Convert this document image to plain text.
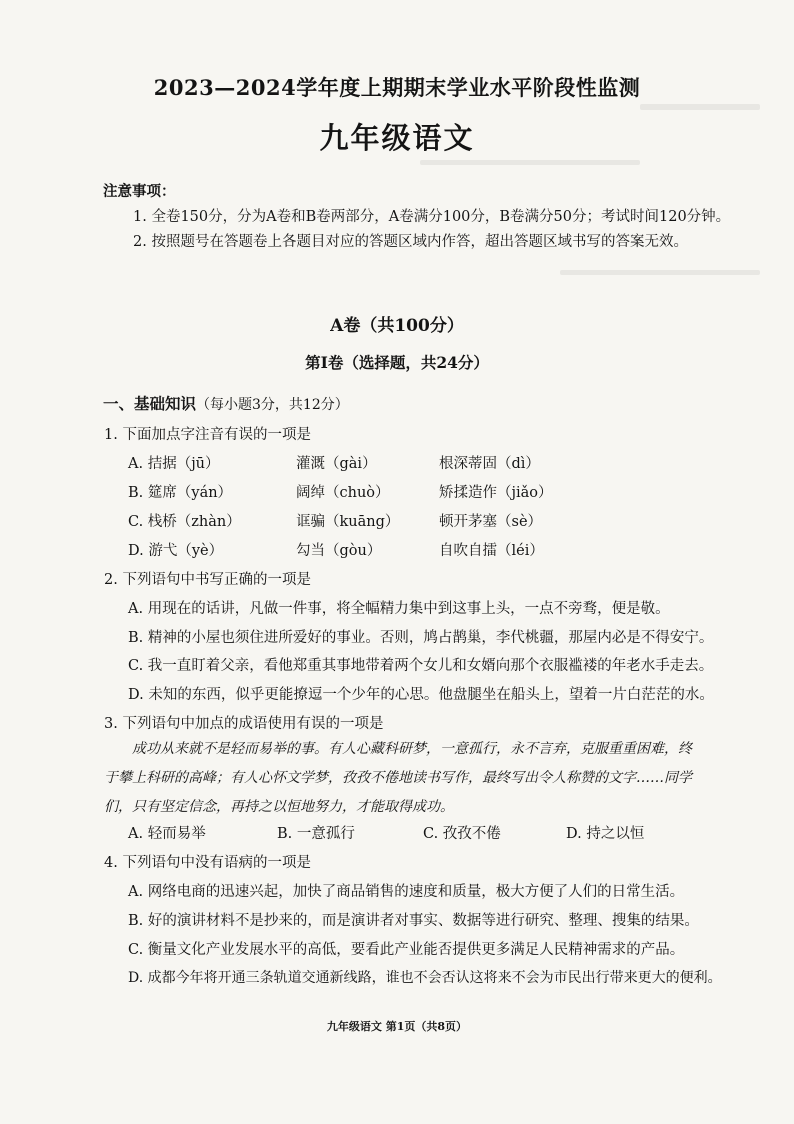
2023—2024学年度上期期末学业水平阶段性监测
九年级语文
注意事项：
1. 全卷150分，分为A卷和B卷两部分，A卷满分100分，B卷满分50分；考试时间120分钟。
2. 按照题号在答题卷上各题目对应的答题区域内作答，超出答题区域书写的答案无效。
A卷（共100分）
第Ⅰ卷（选择题，共24分）
一、基础知识（每小题3分，共12分）
1. 下面加点字注音有误的一项是
A. 拮据（jū）	灌溉（gài）	根深蒂固（dì）
B. 筵席（yán）	阔绰（chuò）	矫揉造作（jiǎo）
C. 栈桥（zhàn）	诓骗（kuāng）	顿开茅塞（sè）
D. 游弋（yè）	勾当（gòu）	自吹自擂（léi）
2. 下列语句中书写正确的一项是
A. 用现在的话讲，凡做一件事，将全幅精力集中到这事上头，一点不旁骛，便是敬。
B. 精神的小屋也须住进所爱好的事业。否则，鸠占鹊巢，李代桃疆，那屋内必是不得安宁。
C. 我一直盯着父亲，看他郑重其事地带着两个女儿和女婿向那个衣服褴褛的年老水手走去。
D. 未知的东西，似乎更能撩逗一个少年的心思。他盘腿坐在船头上，望着一片白茫茫的水。
3. 下列语句中加点的成语使用有误的一项是
成功从来就不是轻而易举的事。有人心藏科研梦，一意孤行，永不言弃，克服重重困难，终
于攀上科研的高峰；有人心怀文学梦，孜孜不倦地读书写作，最终写出令人称赞的文字……同学
们，只有坚定信念，再持之以恒地努力，才能取得成功。
A. 轻而易举	B. 一意孤行	C. 孜孜不倦	D. 持之以恒
4. 下列语句中没有语病的一项是
A. 网络电商的迅速兴起，加快了商品销售的速度和质量，极大方便了人们的日常生活。
B. 好的演讲材料不是抄来的，而是演讲者对事实、数据等进行研究、整理、搜集的结果。
C. 衡量文化产业发展水平的高低，要看此产业能否提供更多满足人民精神需求的产品。
D. 成都今年将开通三条轨道交通新线路，谁也不会否认这将来不会为市民出行带来更大的便利。
九年级语文 第1页（共8页）
